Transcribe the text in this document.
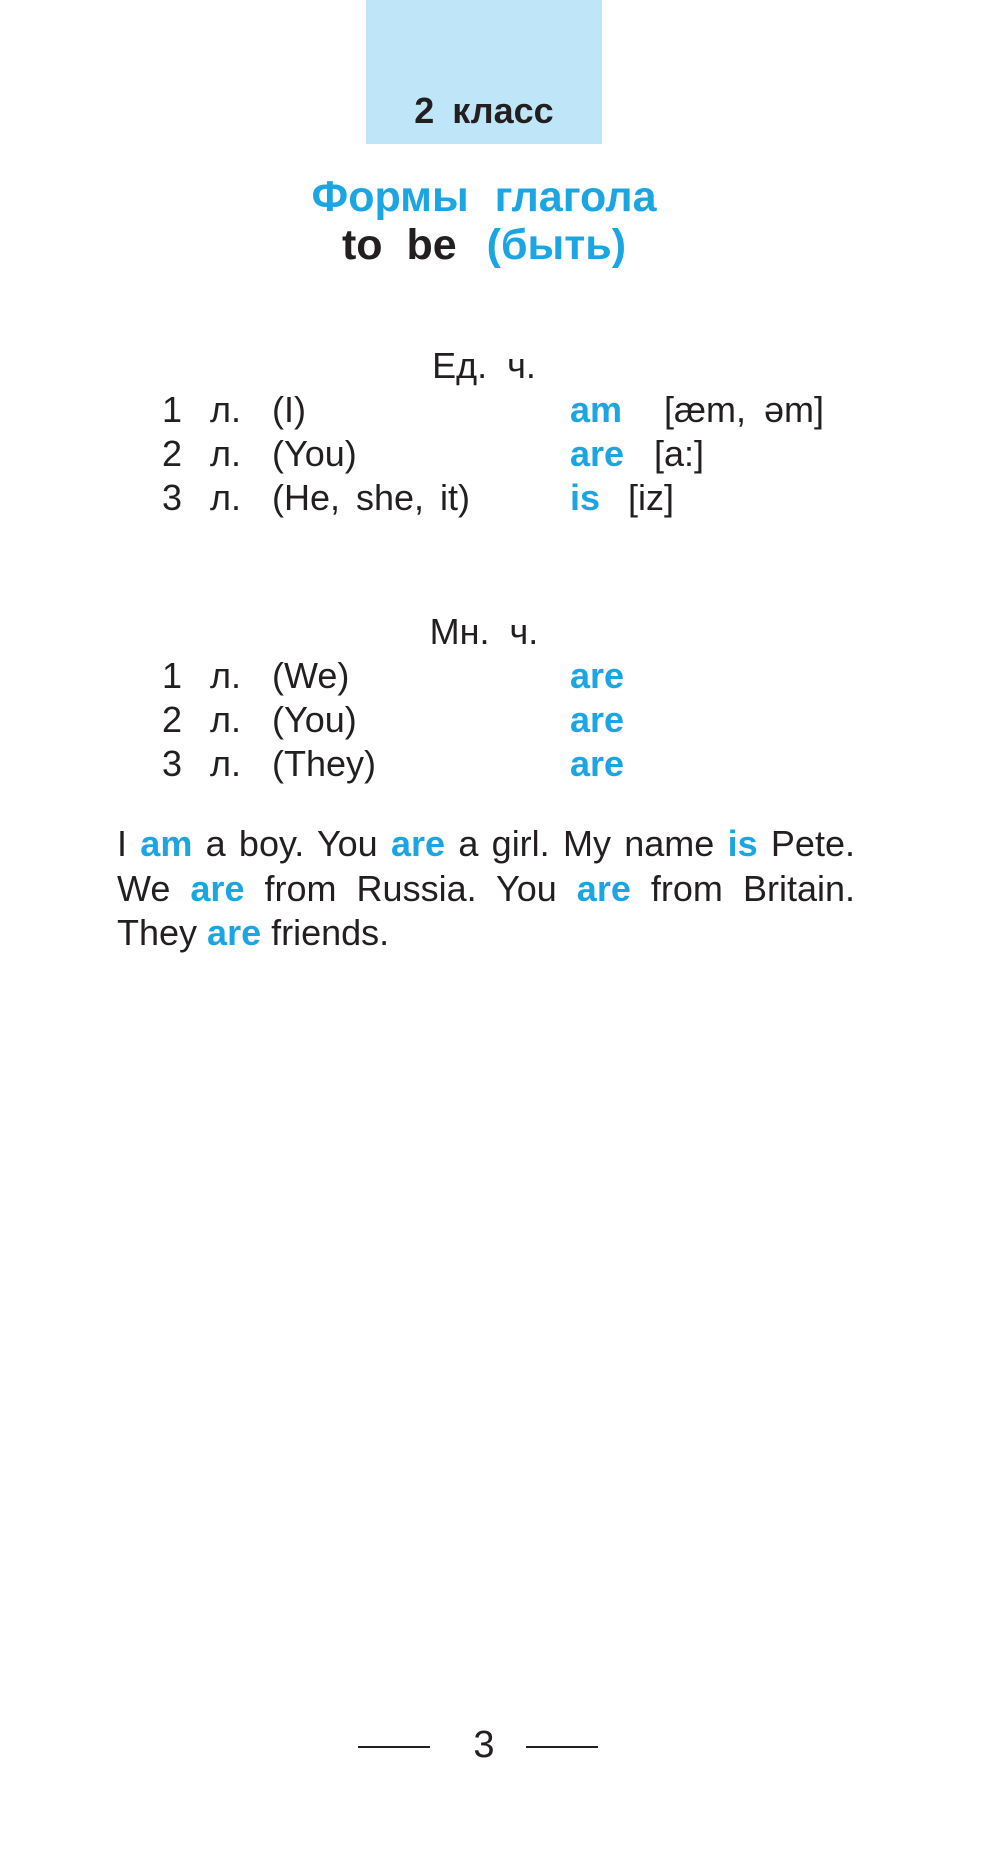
2 класс
Формы глагола
to be (быть)
Ед. ч.
1 л. (I)	am [æm, əm]
2 л. (You)	are [a:]
3 л. (He, she, it)	is [iz]
Мн. ч.
1 л. (We)	are
2 л. (You)	are
3 л. (They)	are
I am a boy. You are a girl. My name is Pete. We are from Russia. You are from Britain. They are friends.
3
